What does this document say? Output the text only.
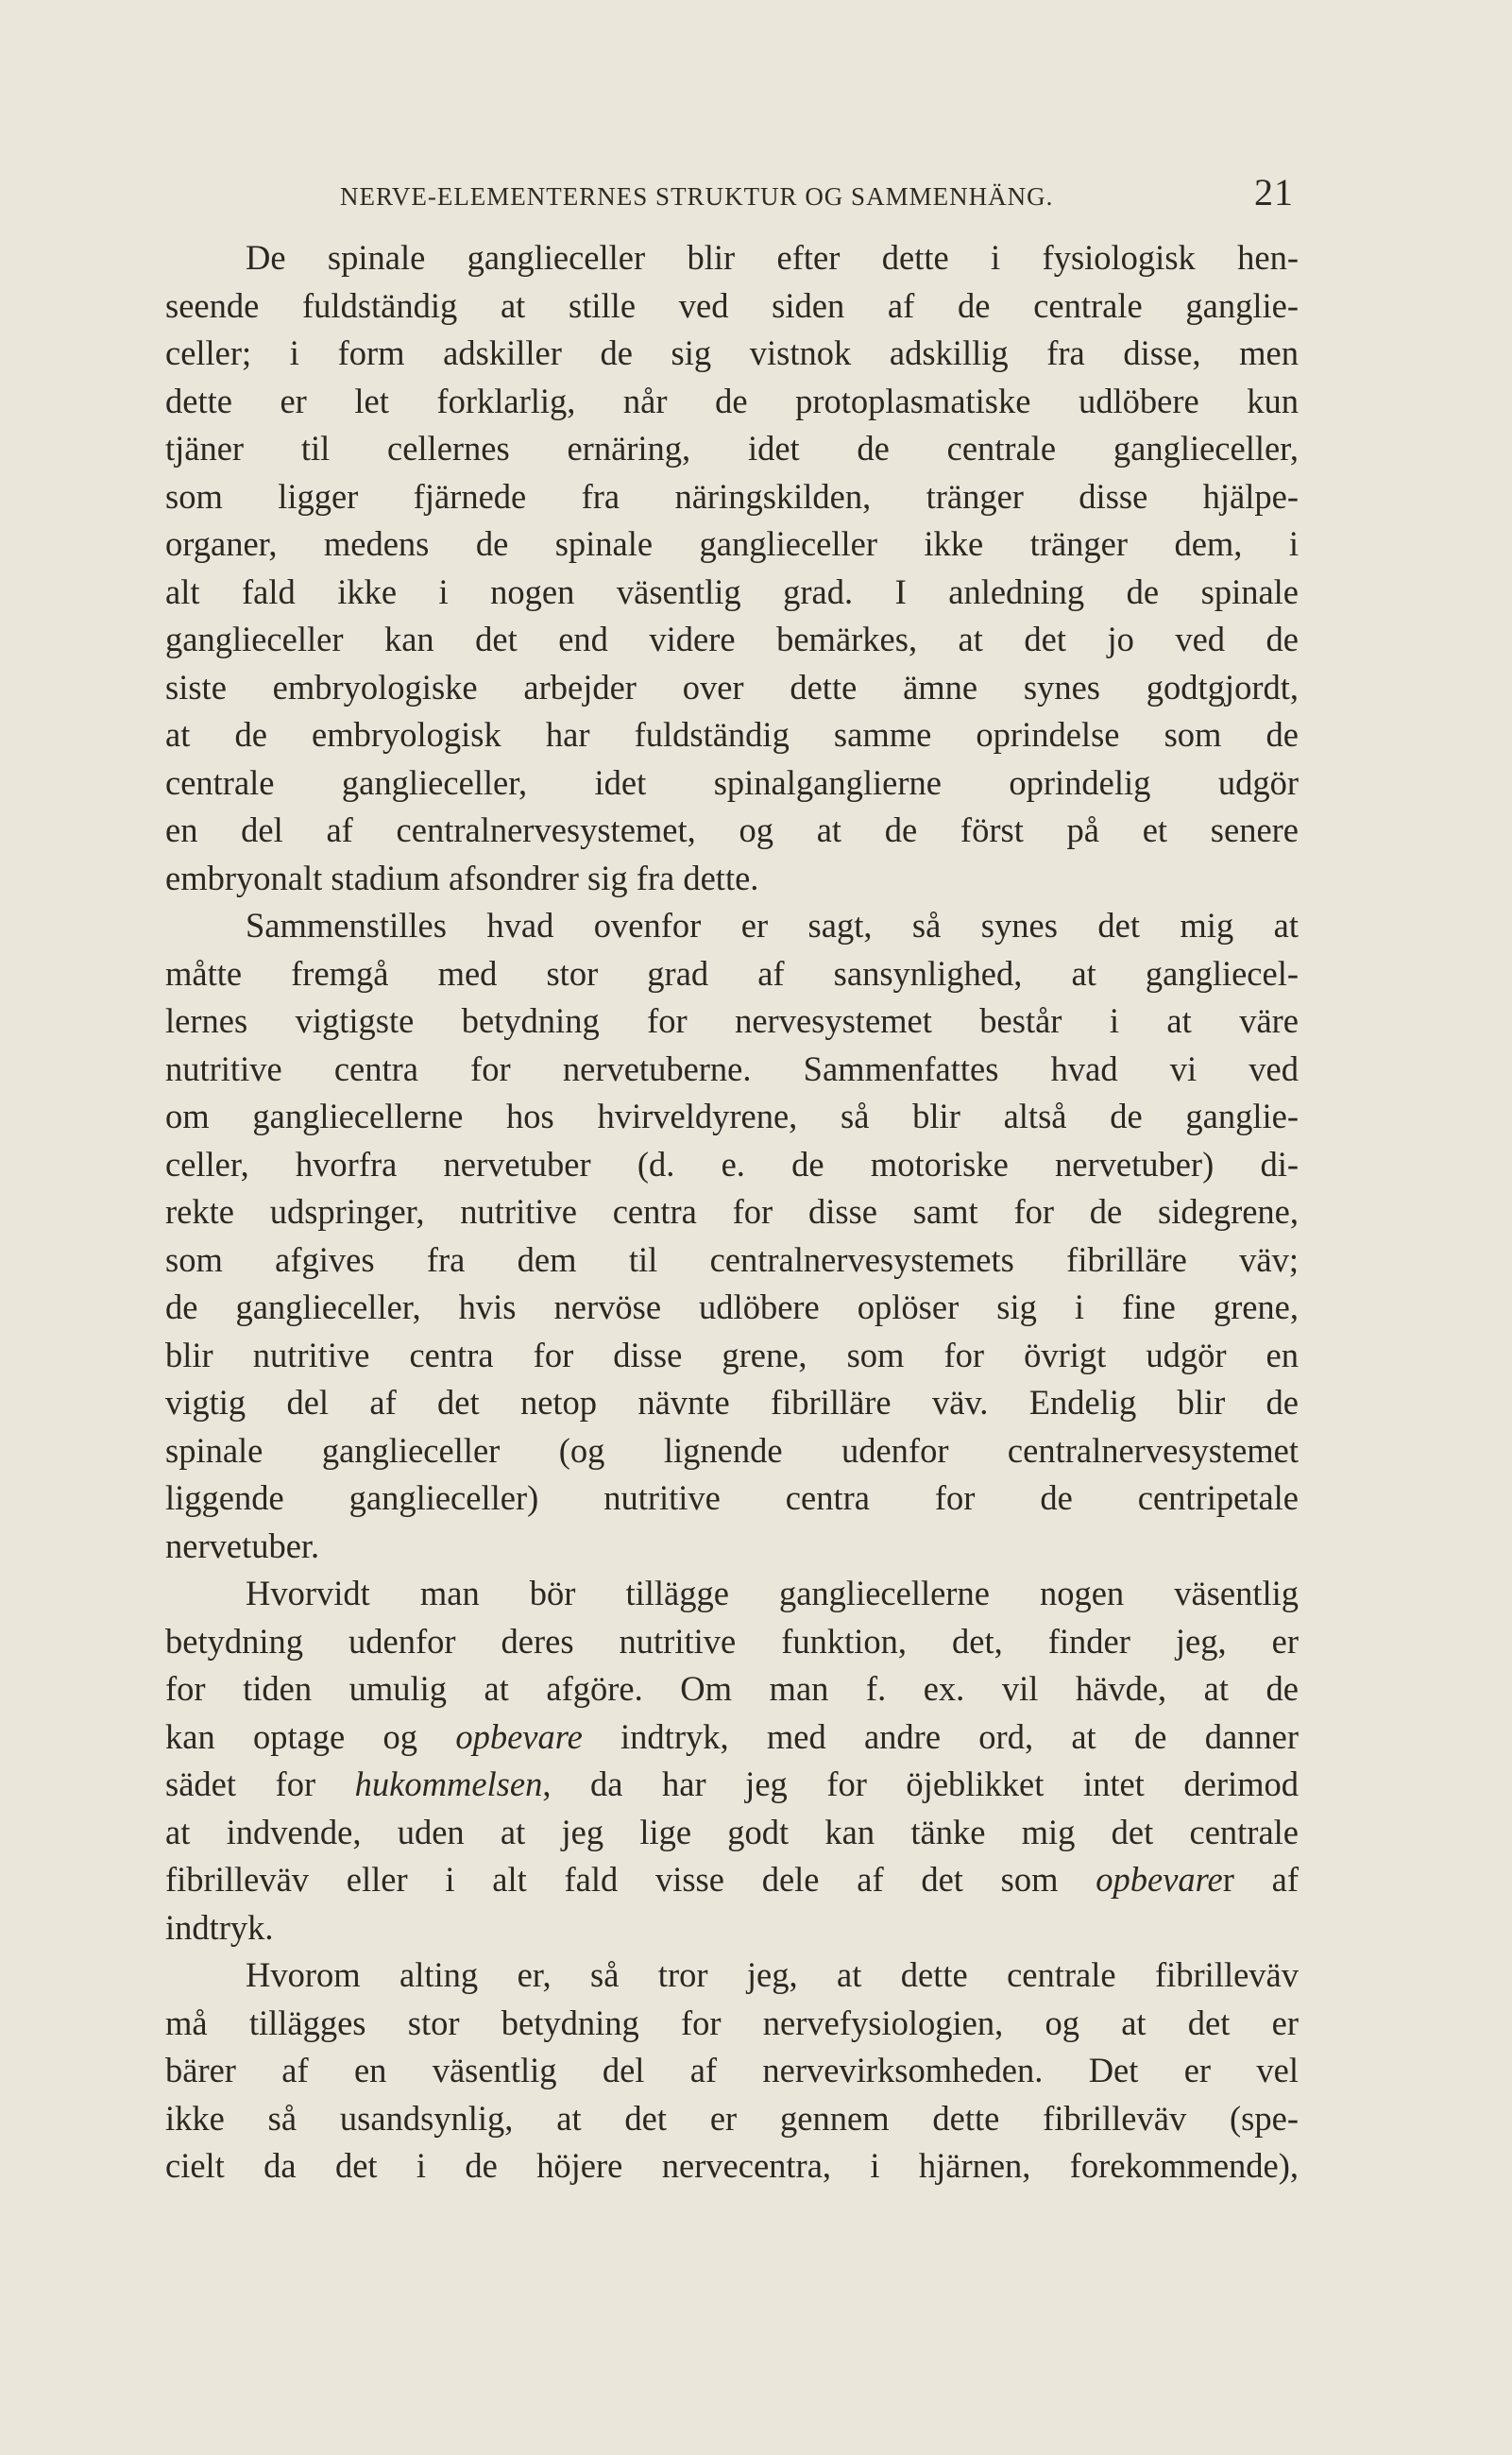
NERVE-ELEMENTERNES STRUKTUR OG SAMMENHÄNG.	21
De spinale ganglieceller blir efter dette i fysiologisk hen-
seende fuldständig at stille ved siden af de centrale ganglie-
celler; i form adskiller de sig vistnok adskillig fra disse, men
dette er let forklarlig, når de protoplasmatiske udlöbere kun
tjäner til cellernes ernäring, idet de centrale ganglieceller,
som ligger fjärnede fra näringskilden, tränger disse hjälpe-
organer, medens de spinale ganglieceller ikke tränger dem, i
alt fald ikke i nogen väsentlig grad. I anledning de spinale
ganglieceller kan det end videre bemärkes, at det jo ved de
siste embryologiske arbejder over dette ämne synes godtgjordt,
at de embryologisk har fuldständig samme oprindelse som de
centrale ganglieceller, idet spinalganglierne oprindelig udgör
en del af centralnervesystemet, og at de först på et senere
embryonalt stadium afsondrer sig fra dette.
Sammenstilles hvad ovenfor er sagt, så synes det mig at
måtte fremgå med stor grad af sansynlighed, at gangliecel-
lernes vigtigste betydning for nervesystemet består i at väre
nutritive centra for nervetuberne. Sammenfattes hvad vi ved
om gangliecellerne hos hvirveldyrene, så blir altså de ganglie-
celler, hvorfra nervetuber (d. e. de motoriske nervetuber) di-
rekte udspringer, nutritive centra for disse samt for de sidegrene,
som afgives fra dem til centralnervesystemets fibrillärе väv;
de ganglieceller, hvis nervöse udlöbere oplöser sig i fine grene,
blir nutritive centra for disse grene, som for övrigt udgör en
vigtig del af det netop nävnte fibrilläre väv. Endelig blir de
spinale ganglieceller (og lignende udenfor centralnervesystemet
liggende ganglieceller) nutritive centra for de centripetale
nervetuber.
Hvorvidt man bör tillägge gangliecellerne nogen väsentlig
betydning udenfor deres nutritive funktion, det, finder jeg, er
for tiden umulig at afgöre. Om man f. ex. vil hävde, at de
kan optage og opbevare indtryk, med andre ord, at de danner
sädet for hukommelsen, da har jeg for öjeblikket intet derimod
at indvende, uden at jeg lige godt kan tänke mig det centrale
fibrilleväv eller i alt fald visse dele af det som opbevarer af
indtryk.
Hvorom alting er, så tror jeg, at dette centrale fibrilleväv
må tillägges stor betydning for nervefysiologien, og at det er
bärer af en väsentlig del af nervevirksomheden. Det er vel
ikke så usandsynlig, at det er gennem dette fibrilleväv (spe-
cielt da det i de höjere nervecentra, i hjärnen, forekommende),
